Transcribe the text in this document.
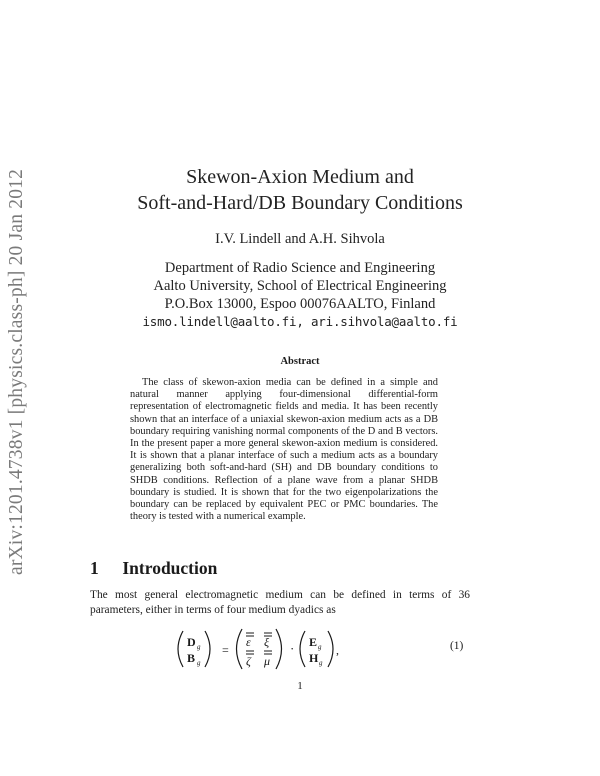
arXiv:1201.4738v1 [physics.class-ph] 20 Jan 2012	Skewon-Axion Medium and
Soft-and-Hard/DB Boundary Conditions
I.V. Lindell and A.H. Sihvola
Department of Radio Science and Engineering
Aalto University, School of Electrical Engineering
P.O.Box 13000, Espoo 00076AALTO, Finland
ismo.lindell@aalto.fi, ari.sihvola@aalto.fi
Abstract
The class of skewon-axion media can be defined in a simple and natural manner applying four-dimensional differential-form representation of electromagnetic fields and media. It has been recently shown that an interface of a uniaxial skewon-axion medium acts as a DB boundary requiring vanishing normal components of the D and B vectors. In the present paper a more general skewon-axion medium is considered. It is shown that a planar interface of such a medium acts as a boundary generalizing both soft-and-hard (SH) and DB boundary conditions to SHDB conditions. Reflection of a plane wave from a planar SHDB boundary is studied. It is shown that for the two eigenpolarizations the boundary can be replaced by equivalent PEC or PMC boundaries. The theory is tested with a numerical example.
1 Introduction
The most general electromagnetic medium can be defined in terms of 36 parameters, either in terms of four medium dyadics as
D g
B g
=
ε ξ
ζ μ
· E g
H g
,	(1)
1
